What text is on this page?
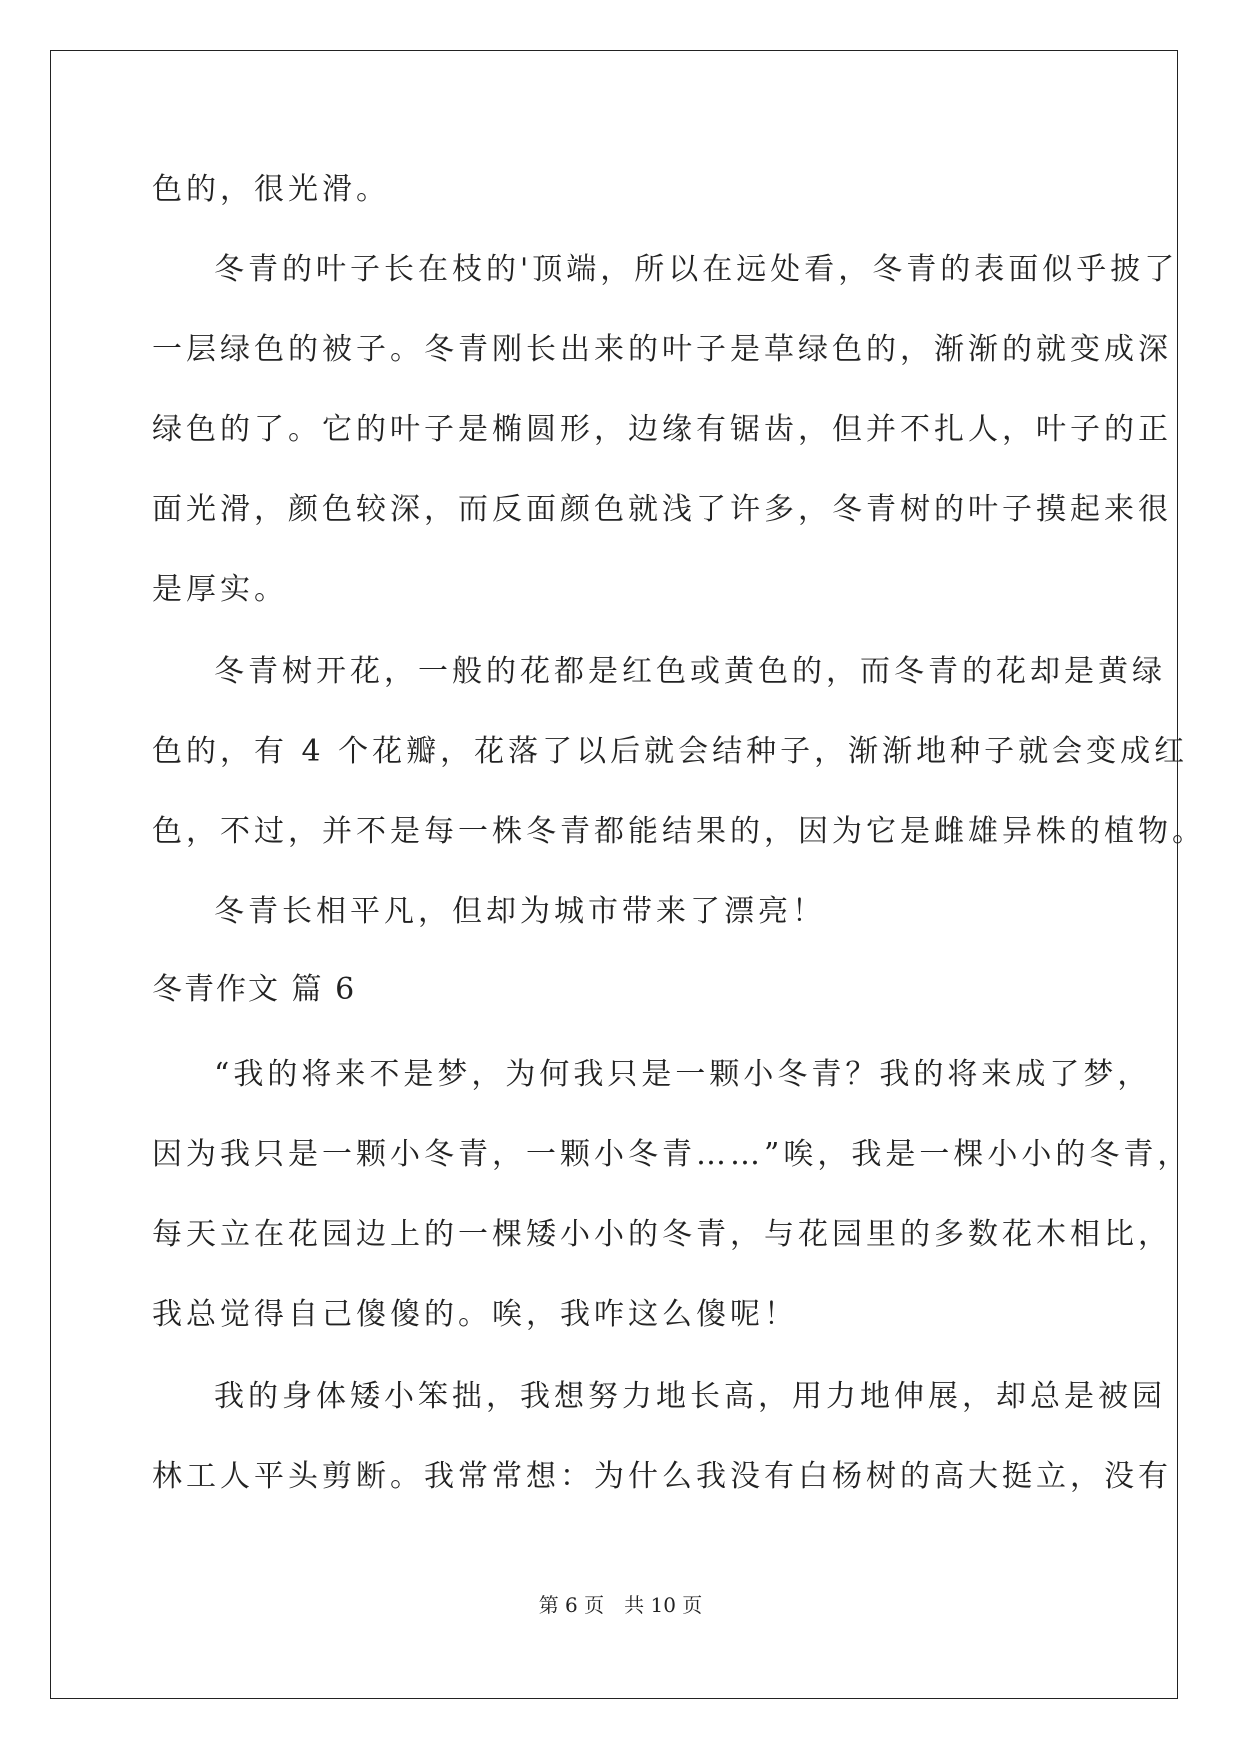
色的，很光滑。
冬青的叶子长在枝的'顶端，所以在远处看，冬青的表面似乎披了
一层绿色的被子。冬青刚长出来的叶子是草绿色的，渐渐的就变成深
绿色的了。它的叶子是椭圆形，边缘有锯齿，但并不扎人，叶子的正
面光滑，颜色较深，而反面颜色就浅了许多，冬青树的叶子摸起来很
是厚实。
冬青树开花，一般的花都是红色或黄色的，而冬青的花却是黄绿
色的，有 4 个花瓣，花落了以后就会结种子，渐渐地种子就会变成红
色，不过，并不是每一株冬青都能结果的，因为它是雌雄异株的植物。
冬青长相平凡，但却为城市带来了漂亮！
冬青作文 篇 6
“我的将来不是梦，为何我只是一颗小冬青？我的将来成了梦，
因为我只是一颗小冬青，一颗小冬青……”唉，我是一棵小小的冬青，
每天立在花园边上的一棵矮小小的冬青，与花园里的多数花木相比，
我总觉得自己傻傻的。唉，我咋这么傻呢！
我的身体矮小笨拙，我想努力地长高，用力地伸展，却总是被园
林工人平头剪断。我常常想：为什么我没有白杨树的高大挺立，没有
第 6 页　共 10 页
